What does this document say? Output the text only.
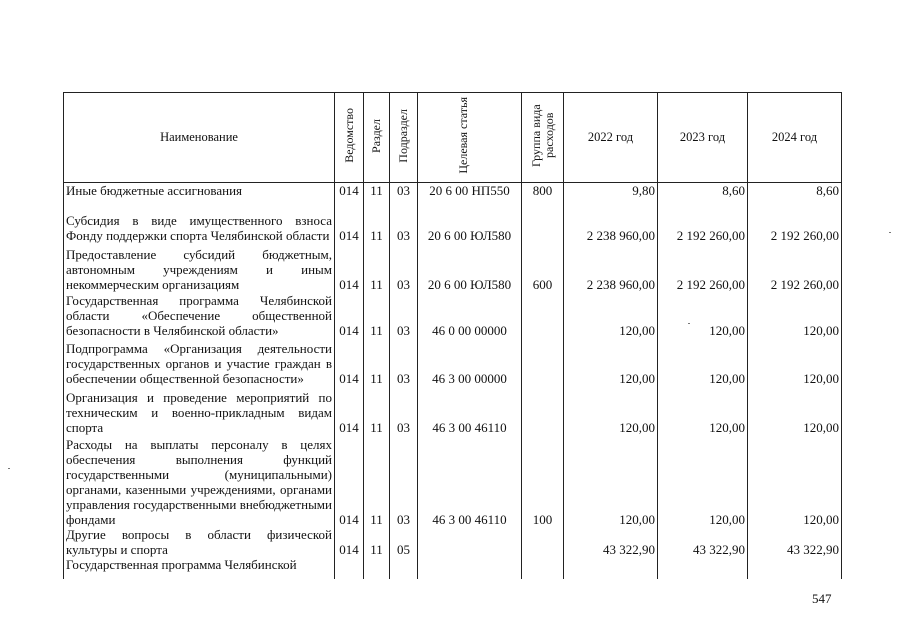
Наименование	Ведомство	Раздел	Подраздел	Целевая статья	Группа вида расходов	2022 год	2023 год	2024 год
Иные бюджетные ассигнования	014	11	03	20 6 00 НП550	800	9,80	8,60	8,60
Субсидия в виде имущественного взноса Фонду поддержки спорта Челябинской области	014	11	03	20 6 00 ЮЛ580		2 238 960,00	2 192 260,00	2 192 260,00
Предоставление субсидий бюджетным, автономным учреждениям и иным некоммерческим организациям	014	11	03	20 6 00 ЮЛ580	600	2 238 960,00	2 192 260,00	2 192 260,00
Государственная программа Челябинской области «Обеспечение общественной безопасности в Челябинской области»	014	11	03	46 0 00 00000		120,00	120,00	120,00
Подпрограмма «Организация деятельности государственных органов и участие граждан в обеспечении общественной безопасности»	014	11	03	46 3 00 00000		120,00	120,00	120,00
Организация и проведение мероприятий по техническим и военно-прикладным видам спорта	014	11	03	46 3 00 46110		120,00	120,00	120,00
Расходы на выплаты персоналу в целях обеспечения выполнения функций государственными (муниципальными) органами, казенными учреждениями, органами управления государственными внебюджетными фондами	014	11	03	46 3 00 46110	100	120,00	120,00	120,00
Другие вопросы в области физической культуры и спорта	014	11	05			43 322,90	43 322,90	43 322,90
Государственная программа Челябинской								
547
